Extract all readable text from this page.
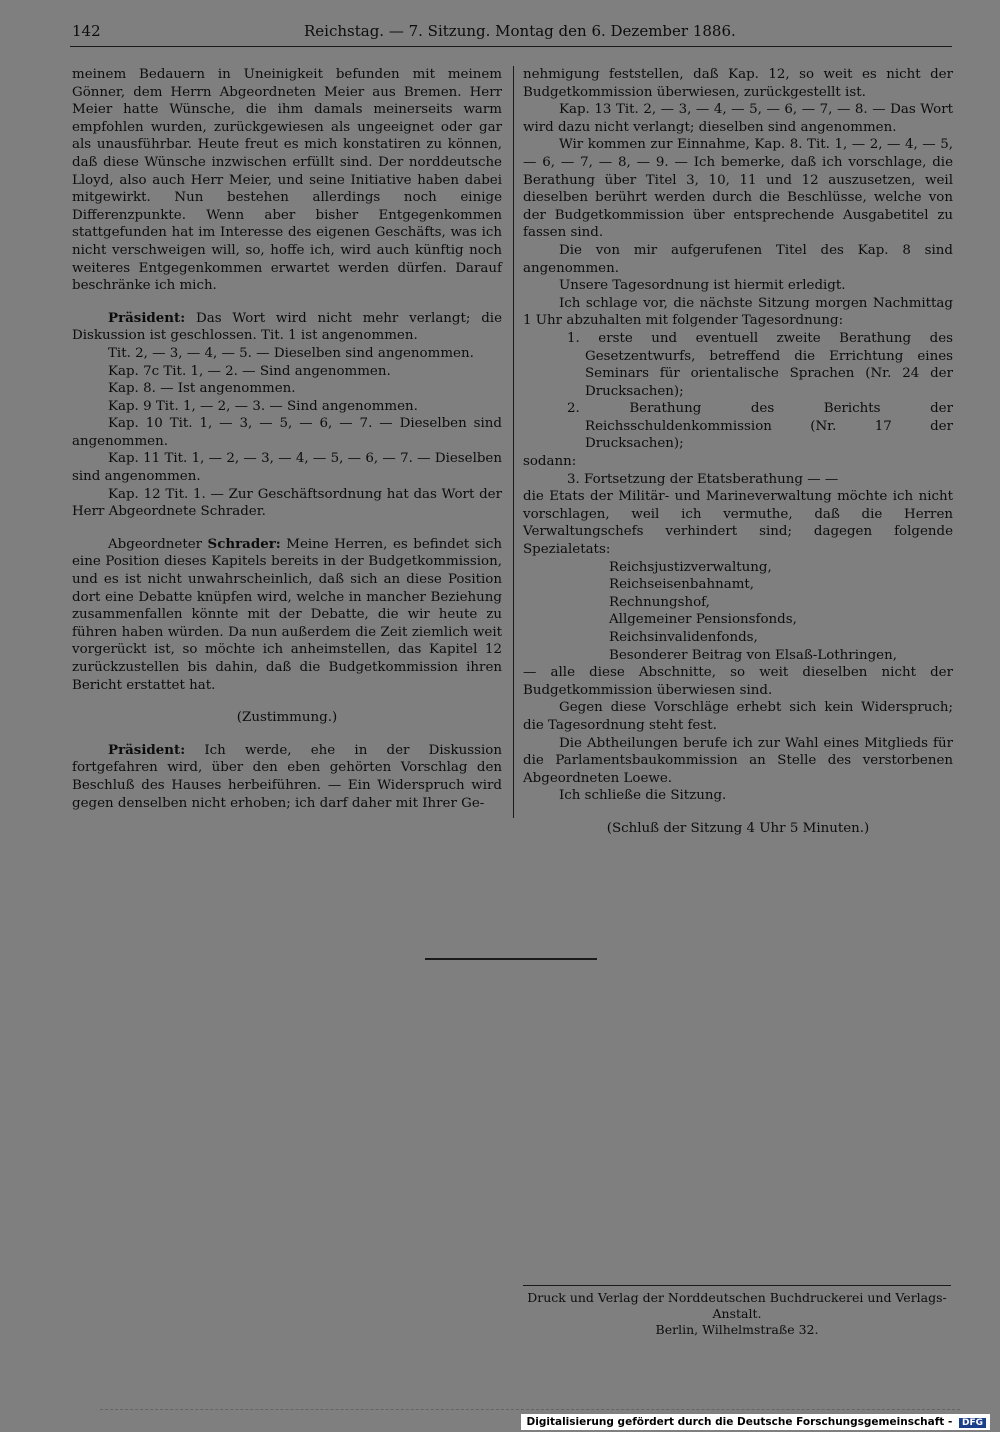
142	Reichstag. — 7. Sitzung. Montag den 6. Dezember 1886.

meinem Bedauern in Uneinigkeit befunden mit meinem Gönner, dem Herrn Abgeordneten Meier aus Bremen. Herr Meier hatte Wünsche, die ihm damals meinerseits warm empfohlen wurden, zurückgewiesen als ungeeignet oder gar als unausführbar. Heute freut es mich konstatiren zu können, daß diese Wünsche inzwischen erfüllt sind. Der norddeutsche Lloyd, also auch Herr Meier, und seine Initiative haben dabei mitgewirkt. Nun bestehen allerdings noch einige Differenzpunkte. Wenn aber bisher Entgegenkommen stattgefunden hat im Interesse des eigenen Geschäfts, was ich nicht verschweigen will, so, hoffe ich, wird auch künftig noch weiteres Entgegenkommen erwartet werden dürfen. Darauf beschränke ich mich.

Präsident: Das Wort wird nicht mehr verlangt; die Diskussion ist geschlossen. Tit. 1 ist angenommen.

Tit. 2, — 3, — 4, — 5. — Dieselben sind angenommen.

Kap. 7c Tit. 1, — 2. — Sind angenommen.

Kap. 8. — Ist angenommen.

Kap. 9 Tit. 1, — 2, — 3. — Sind angenommen.

Kap. 10 Tit. 1, — 3, — 5, — 6, — 7. — Dieselben sind angenommen.

Kap. 11 Tit. 1, — 2, — 3, — 4, — 5, — 6, — 7. — Dieselben sind angenommen.

Kap. 12 Tit. 1. — Zur Geschäftsordnung hat das Wort der Herr Abgeordnete Schrader.

Abgeordneter Schrader: Meine Herren, es befindet sich eine Position dieses Kapitels bereits in der Budgetkommission, und es ist nicht unwahrscheinlich, daß sich an diese Position dort eine Debatte knüpfen wird, welche in mancher Beziehung zusammenfallen könnte mit der Debatte, die wir heute zu führen haben würden. Da nun außerdem die Zeit ziemlich weit vorgerückt ist, so möchte ich anheimstellen, das Kapitel 12 zurückzustellen bis dahin, daß die Budgetkommission ihren Bericht erstattet hat.

(Zustimmung.)

Präsident: Ich werde, ehe in der Diskussion fortgefahren wird, über den eben gehörten Vorschlag den Beschluß des Hauses herbeiführen. — Ein Widerspruch wird gegen denselben nicht erhoben; ich darf daher mit Ihrer Ge-

nehmigung feststellen, daß Kap. 12, so weit es nicht der Budgetkommission überwiesen, zurückgestellt ist.

Kap. 13 Tit. 2, — 3, — 4, — 5, — 6, — 7, — 8. — Das Wort wird dazu nicht verlangt; dieselben sind angenommen.

Wir kommen zur Einnahme, Kap. 8. Tit. 1, — 2, — 4, — 5, — 6, — 7, — 8, — 9. — Ich bemerke, daß ich vorschlage, die Berathung über Titel 3, 10, 11 und 12 auszusetzen, weil dieselben berührt werden durch die Beschlüsse, welche von der Budgetkommission über entsprechende Ausgabetitel zu fassen sind.

Die von mir aufgerufenen Titel des Kap. 8 sind angenommen.

Unsere Tagesordnung ist hiermit erledigt.

Ich schlage vor, die nächste Sitzung morgen Nachmittag 1 Uhr abzuhalten mit folgender Tagesordnung:

1. erste und eventuell zweite Berathung des Gesetzentwurfs, betreffend die Errichtung eines Seminars für orientalische Sprachen (Nr. 24 der Drucksachen);

2. Berathung des Berichts der Reichsschuldenkommission (Nr. 17 der Drucksachen);

sodann:

3. Fortsetzung der Etatsberathung — —

die Etats der Militär- und Marineverwaltung möchte ich nicht vorschlagen, weil ich vermuthe, daß die Herren Verwaltungschefs verhindert sind; dagegen folgende Spezialetats:

Reichsjustizverwaltung,

Reichseisenbahnamt,

Rechnungshof,

Allgemeiner Pensionsfonds,

Reichsinvalidenfonds,

Besonderer Beitrag von Elsaß-Lothringen,

— alle diese Abschnitte, so weit dieselben nicht der Budgetkommission überwiesen sind.

Gegen diese Vorschläge erhebt sich kein Widerspruch; die Tagesordnung steht fest.

Die Abtheilungen berufe ich zur Wahl eines Mitglieds für die Parlamentsbaukommission an Stelle des verstorbenen Abgeordneten Loewe.

Ich schließe die Sitzung.

(Schluß der Sitzung 4 Uhr 5 Minuten.)

Druck und Verlag der Norddeutschen Buchdruckerei und Verlags-Anstalt.
Berlin, Wilhelmstraße 32.
Digitalisierung gefördert durch die Deutsche Forschungsgemeinschaft - DFG
